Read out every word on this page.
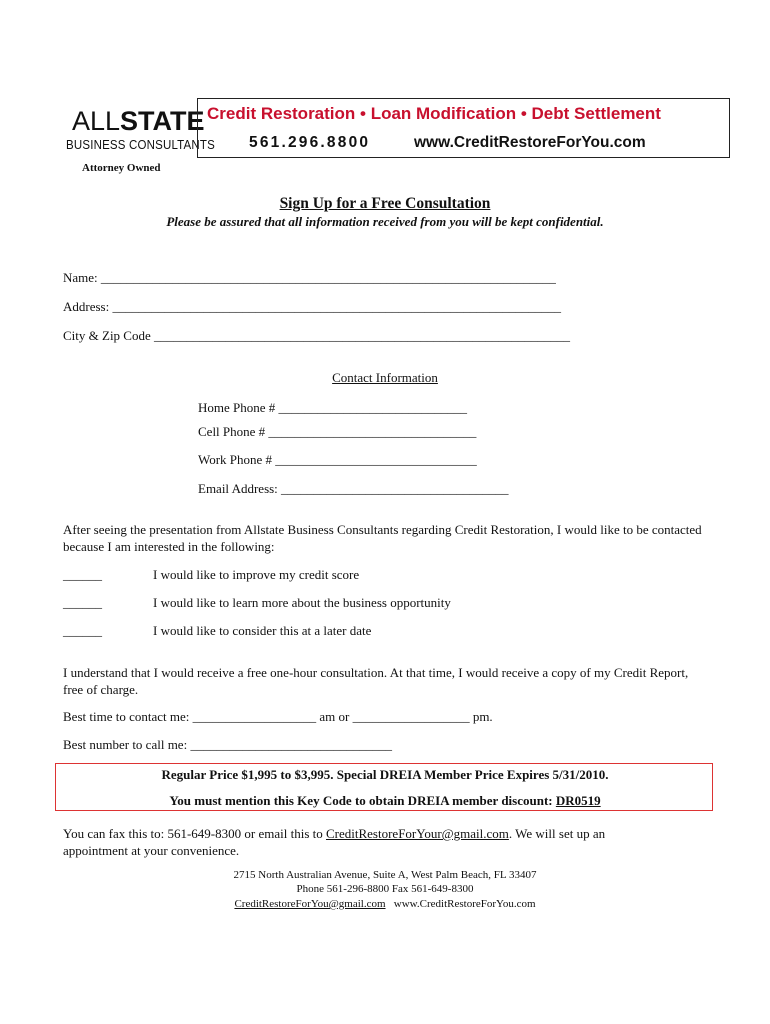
ALLSTATE
BUSINESS CONSULTANTS
Attorney Owned
Credit Restoration • Loan Modification • Debt Settlement
561.296.8800	www.CreditRestoreForYou.com
Sign Up for a Free Consultation
Please be assured that all information received from you will be kept confidential.
Name: ______________________________________________________________________
Address: _____________________________________________________________________
City & Zip Code ________________________________________________________________
Contact Information
Home Phone # _____________________________
Cell Phone # ________________________________
Work Phone # _______________________________
Email Address: ___________________________________
After seeing the presentation from Allstate Business Consultants regarding Credit Restoration, I would like to be contacted because I am interested in the following:
______	I would like to improve my credit score
______	I would like to learn more about the business opportunity
______	I would like to consider this at a later date
I understand that I would receive a free one-hour consultation. At that time, I would receive a copy of my Credit Report, free of charge.
Best time to contact me: ___________________ am or __________________ pm.
Best number to call me: _______________________________
Regular Price $1,995 to $3,995. Special DREIA Member Price Expires 5/31/2010.
You must mention this Key Code to obtain DREIA member discount: DR0519
You can fax this to: 561-649-8300 or email this to CreditRestoreForYour@gmail.com. We will set up an
appointment at your convenience.
2715 North Australian Avenue, Suite A, West Palm Beach, FL 33407
Phone 561-296-8800 Fax 561-649-8300
CreditRestoreForYou@gmail.com www.CreditRestoreForYou.com
